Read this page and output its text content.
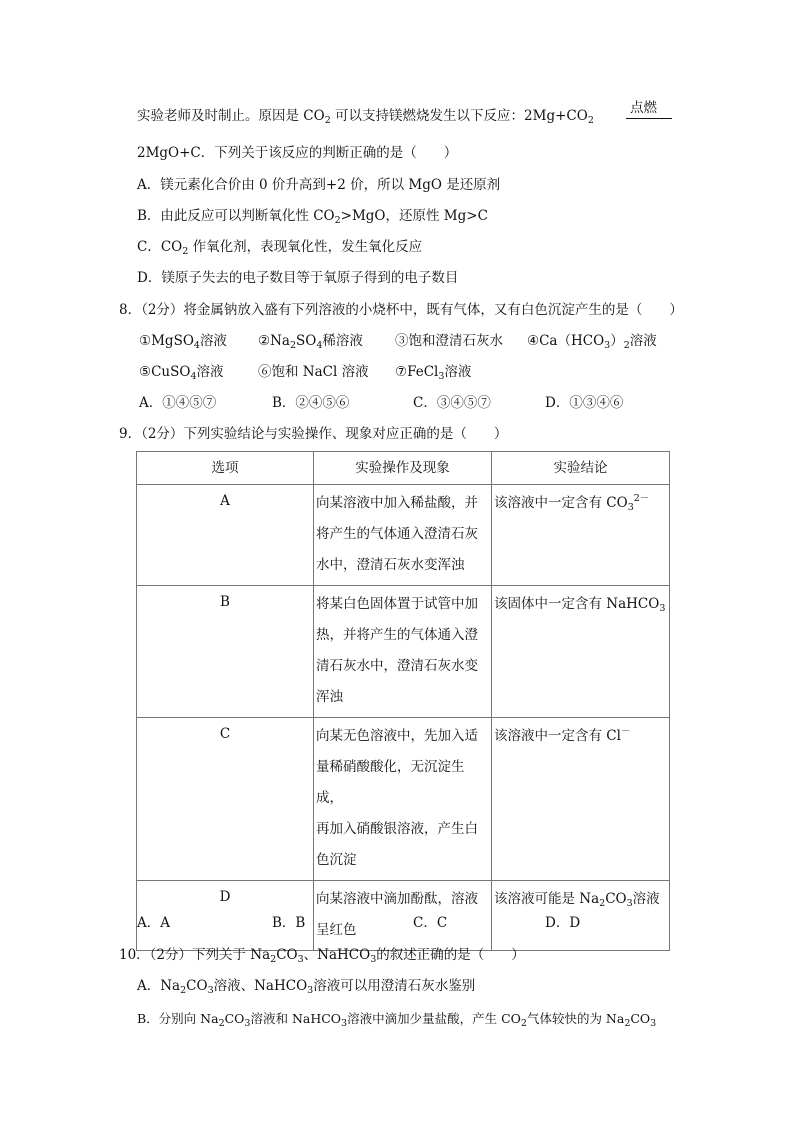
实验老师及时制止。原因是 $CO_2$ 可以支持镁燃烧发生以下反应：$2Mg+CO_2$
点燃
2MgO+C．下列关于该反应的判断正确的是（　　）
A．镁元素化合价由 0 价升高到+2 价，所以 MgO 是还原剂
B．由此反应可以判断氧化性 $CO_2>MgO$，还原性 Mg>C
C．$CO_2$ 作氧化剂，表现氧化性，发生氧化反应
D．镁原子失去的电子数目等于氧原子得到的电子数目
8．（2分）将金属钠放入盛有下列溶液的小烧杯中，既有气体，又有白色沉淀产生的是（　　）
①MgSO$_4$溶液 $②Na_2SO_4$稀溶液 ③饱和澄清石灰水 $④Ca(HCO_3)_2$溶液
⑤CuSO$_4$溶液	⑥饱和 NaCl 溶液 ⑦FeCl$_3$溶液
A．①④⑤⑦	B．②④⑤⑥	C．③④⑤⑦	D．①③④⑥
9．（2分）下列实验结论与实验操作、现象对应正确的是（　　）
选项	实验操作及现象	实验结论
A	向某溶液中加入稀盐酸，并
将产生的气体通入澄清石灰
水中，澄清石灰水变浑浊	该溶液中一定含有 $CO_3^{2-}$
B	将某白色固体置于试管中加
热，并将产生的气体通入澄
清石灰水中，澄清石灰水变
浑浊	该固体中一定含有 NaHCO$_3$
C	向某无色溶液中，先加入适
量稀硝酸酸化，无沉淀生成，
再加入硝酸银溶液，产生白
色沉淀	该溶液中一定含有 Cl－
D	向某溶液中滴加酚酞，溶液
呈红色	该溶液可能是 $Na_2CO_3$溶液
A．A	B．B	C．C	D．D
10．（2分）下列关于 $Na_2CO_3$、NaHCO$_3$的叙述正确的是（　　）
A．$Na_2CO_3$溶液、NaHCO$_3$溶液可以用澄清石灰水鉴别
B．分别向 $Na_2CO_3$溶液和 NaHCO$_3$溶液中滴加少量盐酸，产生 $CO_2$气体较快的为 $Na_2CO_3$
